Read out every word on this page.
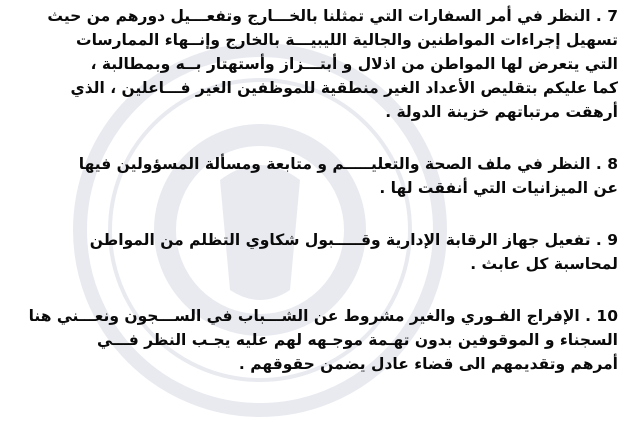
7 . النظر في أمر السفارات التي تمثلنا بالخـــارج وتفعـــيل دورهم من حيث
تسهيل إجراءات المواطنين والجالية الليبيـــة بالخارج وإنــهاء الممارسات
التي يتعرض لها المواطن من اذلال و أبتـــزاز وأستهتار بــه وبمطالبة ،
كما عليكم بتقليص الأعداد الغير منطقية للموظفين الغير فـــاعلين ، الذي
أرهقت مرتباتهم خزينة الدولة .
8 . النظر في ملف الصحة والتعليـــــم و متابعة ومسألة المسؤولين فيها
عن الميزانيات التي أنفقت لها .
9 . تفعيل جهاز الرقابة الإدارية وقـــــبول شكاوي التظلم من المواطن
لمحاسبة كل عابث .
10 . الإفراج الفـوري والغير مشروط عن الشـــباب في الســـجون ونعـــني هنا
السجناء و الموقوفين بدون تهـمة موجـهه لهم عليه يجـب النظر فـــي
أمرهم وتقديمهم الى قضاء عادل يضمن حقوقهم .
